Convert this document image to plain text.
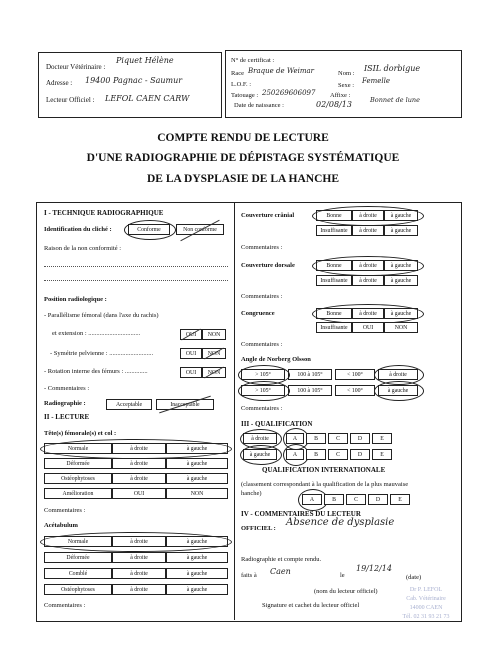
Docteur Vétérinaire :
Piquet Hélène
Adresse : 19400 Pagnac - Saumur
Lecteur Officiel : LEFOL CAEN CARW
N° de certificat :
Race Braque de Weimar	Nom :
ISIL dorbigue
L.O.F. :	Sexe :
Femelle
Tatouage : 250269606097 Affixe :
Bonnet de lune
Date de naissance :	02/08/13
COMPTE RENDU DE LECTURE
D'UNE RADIOGRAPHIE DE DÉPISTAGE SYSTÉMATIQUE
DE LA DYSPLASIE DE LA HANCHE
I - TECHNIQUE RADIOGRAPHIQUE
Identification du cliché :	Conforme	Non conforme
Raison de la non conformité :
Position radiologique :
- Parallélisme fémoral (dans l'axe du rachis)
et extension : ................................	OUI	NON
- Symétrie pelvienne : ...........................	OUI	NON
- Rotation interne des fémurs : ..............	OUI	NON
- Commentaires :
Radiographie :	Acceptable	Inacceptable
II - LECTURE
Tête(s) fémorale(s) et col :
Normale	à droite	à gauche
Déformée	à droite	à gauche
Ostéophytoses	à droite	à gauche
Amélioration	OUI	NON
Commentaires :
Acétabulum
Normale	à droite	à gauche
Déformée	à droite	à gauche
Comblé	à droite	à gauche
Ostéophytoses	à droite	à gauche
Commentaires :
Couverture crânial	Bonne	à droite	à gauche
Insuffisante	à droite	à gauche
Commentaires :
Couverture dorsale	Bonne	à droite	à gauche
Insuffisante	à droite	à gauche
Commentaires :
Congruence	Bonne	à droite	à gauche
Insuffisante	OUI	NON
Commentaires :
Angle de Norberg Olsson
> 105°	100 à 105°	< 100°	à droite
> 105°	100 à 105°	< 100°	à gauche
Commentaires :
III - QUALIFICATION
à droite	A	B	C	D	E
à gauche	A	B	C	D	E
QUALIFICATION INTERNATIONALE
(classement correspondant à la qualification de la plus mauvaise hanche)
A	B	C	D	E
IV - COMMENTAIRES DU LECTEUR
OFFICIEL :
Absence de dysplasie
Radiographie et compte rendu.
faits à Caen	le
19/12/14
(date)
(nom du lecteur officiel)
Signature et cachet du lecteur officiel
Dr P. LEFOL
Cab. Vétérinaire
14000 CAEN
Tél. 02 31 93 21 73
